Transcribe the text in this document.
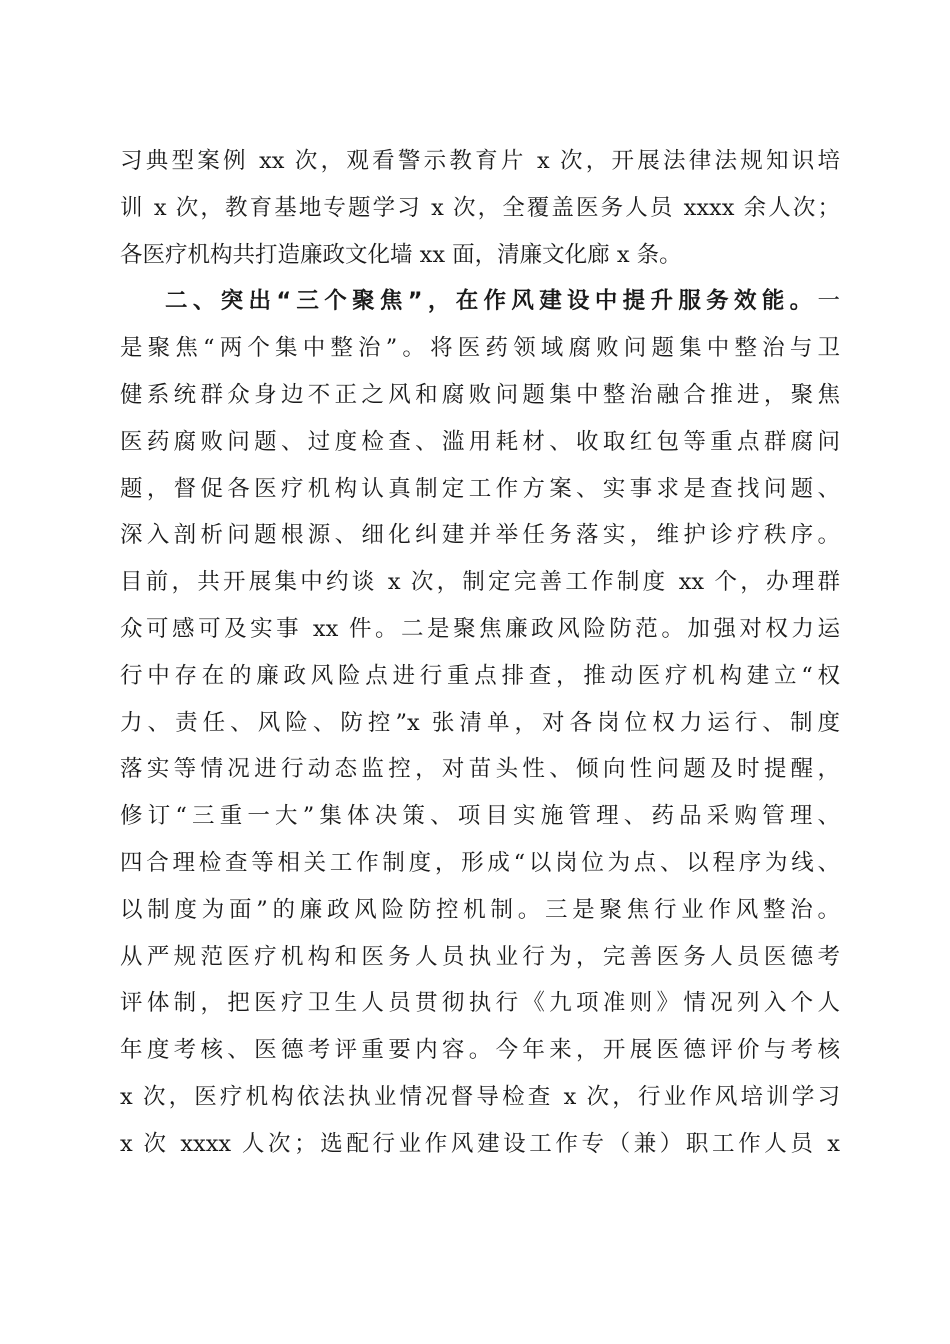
习典型案例 xx 次，观看警示教育片 x 次，开展法律法规知识培
训 x 次，教育基地专题学习 x 次，全覆盖医务人员 xxxx 余人次；
各医疗机构共打造廉政文化墙 xx 面，清廉文化廊 x 条。
二、突出“三个聚焦”，在作风建设中提升服务效能。一
是聚焦“两个集中整治”。将医药领域腐败问题集中整治与卫
健系统群众身边不正之风和腐败问题集中整治融合推进，聚焦
医药腐败问题、过度检查、滥用耗材、收取红包等重点群腐问
题，督促各医疗机构认真制定工作方案、实事求是查找问题、
深入剖析问题根源、细化纠建并举任务落实，维护诊疗秩序。
目前，共开展集中约谈 x 次，制定完善工作制度 xx 个，办理群
众可感可及实事 xx 件。二是聚焦廉政风险防范。加强对权力运
行中存在的廉政风险点进行重点排查，推动医疗机构建立“权
力、责任、风险、防控”x 张清单，对各岗位权力运行、制度
落实等情况进行动态监控，对苗头性、倾向性问题及时提醒，
修订“三重一大”集体决策、项目实施管理、药品采购管理、
四合理检查等相关工作制度，形成“以岗位为点、以程序为线、
以制度为面”的廉政风险防控机制。三是聚焦行业作风整治。
从严规范医疗机构和医务人员执业行为，完善医务人员医德考
评体制，把医疗卫生人员贯彻执行《九项准则》情况列入个人
年度考核、医德考评重要内容。今年来，开展医德评价与考核
x 次，医疗机构依法执业情况督导检查 x 次，行业作风培训学习
x 次 xxxx 人次；选配行业作风建设工作专（兼）职工作人员 x
